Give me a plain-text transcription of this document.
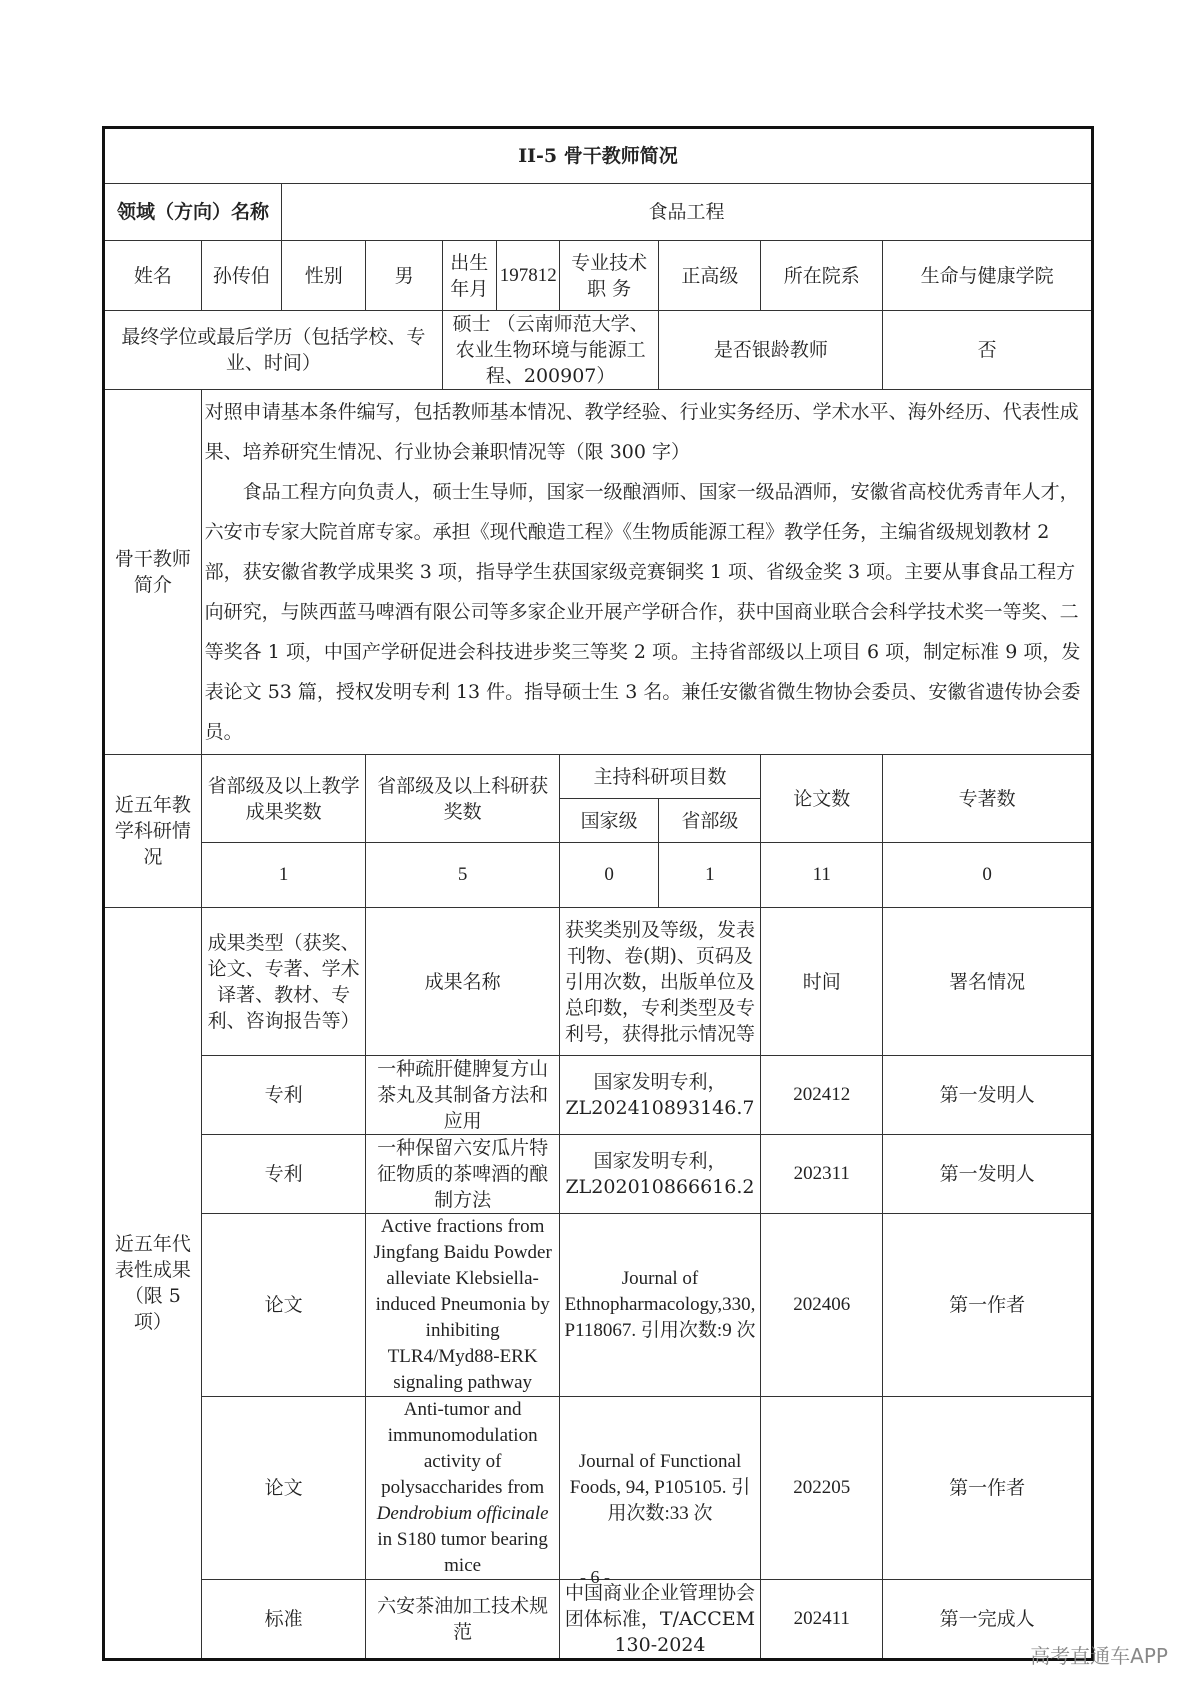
II-5 骨干教师简况									
领域（方向）名称		食品工程							
姓名	孙传伯	性别	男	出生年月	197812	专业技术职 务	正高级	所在院系	生命与健康学院
最终学位或最后学历（包括学校、专业、时间）				硕士 （云南师范大学、农业生物环境与能源工程、200907）			是否银龄教师		否
骨干教师简介	对照申请基本条件编写，包括教师基本情况、教学经验、行业实务经历、学术水平、海外经历、代表性成果、培养研究生情况、行业协会兼职情况等（限 300 字）

食品工程方向负责人，硕士生导师，国家一级酿酒师、国家一级品酒师，安徽省高校优秀青年人才，六安市专家大院首席专家。承担《现代酿造工程》《生物质能源工程》教学任务，主编省级规划教材 2 部，获安徽省教学成果奖 3 项，指导学生获国家级竞赛铜奖 1 项、省级金奖 3 项。主要从事食品工程方向研究，与陕西蓝马啤酒有限公司等多家企业开展产学研合作，获中国商业联合会科学技术奖一等奖、二等奖各 1 项，中国产学研促进会科技进步奖三等奖 2 项。主持省部级以上项目 6 项，制定标准 9 项，发表论文 53 篇，授权发明专利 13 件。指导硕士生 3 名。兼任安徽省微生物协会委员、安徽省遗传协会委员。								

近五年教学科研情况	省部级及以上教学成果奖数		省部级及以上科研获奖数			主持科研项目数		论文数	专著数
						国家级	省部级		
	1		5			0	1	11	0
近五年代表性成果（限 5 项）	成果类型（获奖、论文、专著、学术译著、教材、专利、咨询报告等）		成果名称			获奖类别及等级，发表刊物、卷(期)、页码及引用次数，出版单位及总印数，专利类型及专利号，获得批示情况等		时间	署名情况
	专利		一种疏肝健脾复方山茶丸及其制备方法和应用			国家发明专利，ZL202410893146.7		202412	第一发明人
	专利		一种保留六安瓜片特征物质的茶啤酒的酿制方法			国家发明专利，ZL202010866616.2		202311	第一发明人
	论文		Active fractions from Jingfang Baidu Powder alleviate Klebsiella-induced Pneumonia by inhibiting TLR4/Myd88-ERK signaling pathway			Journal of Ethnopharmacology,330, P118067. 引用次数:9 次		202406	第一作者
	论文		Anti-tumor and immunomodulation activity of polysaccharides from Dendrobium officinale in S180 tumor bearing mice			Journal of Functional Foods, 94, P105105. 引用次数:33 次		202205	第一作者
	标准		六安茶油加工技术规范			中国商业企业管理协会团体标准，T/ACCEM 130-2024		202411	第一完成人
- 6 -
高考直通车APP
